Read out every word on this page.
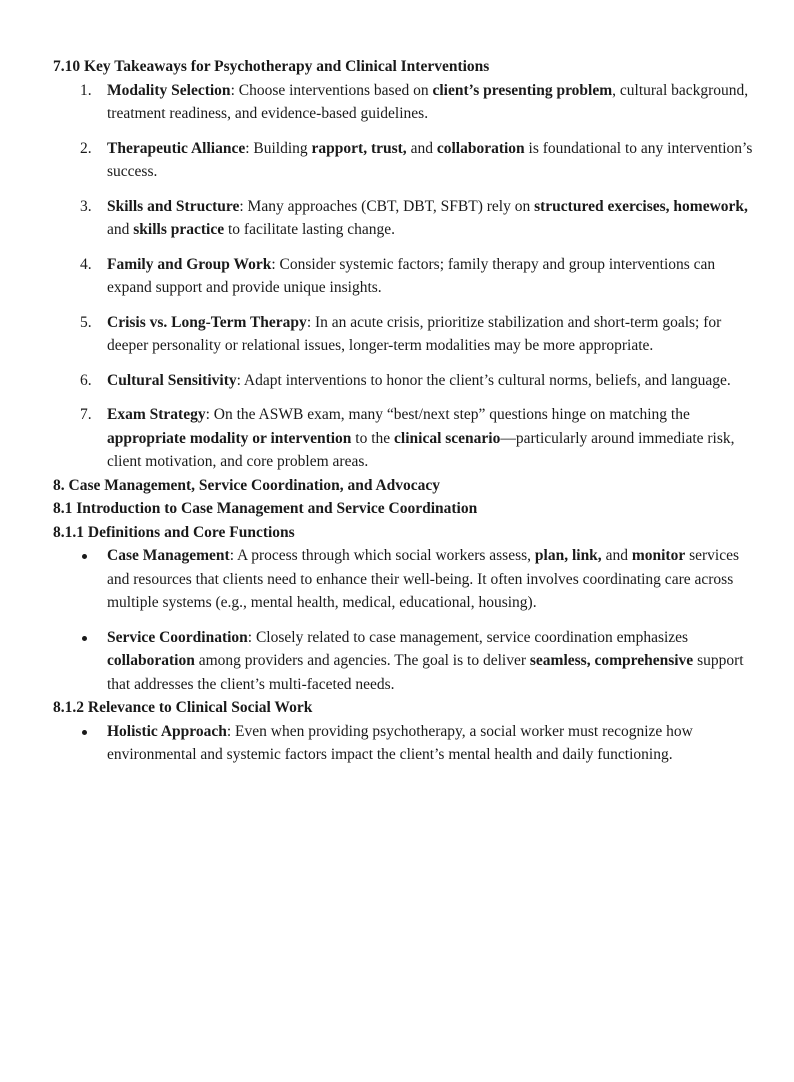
7.10 Key Takeaways for Psychotherapy and Clinical Interventions
1. Modality Selection: Choose interventions based on client’s presenting problem, cultural background, treatment readiness, and evidence-based guidelines.
2. Therapeutic Alliance: Building rapport, trust, and collaboration is foundational to any intervention’s success.
3. Skills and Structure: Many approaches (CBT, DBT, SFBT) rely on structured exercises, homework, and skills practice to facilitate lasting change.
4. Family and Group Work: Consider systemic factors; family therapy and group interventions can expand support and provide unique insights.
5. Crisis vs. Long-Term Therapy: In an acute crisis, prioritize stabilization and short-term goals; for deeper personality or relational issues, longer-term modalities may be more appropriate.
6. Cultural Sensitivity: Adapt interventions to honor the client’s cultural norms, beliefs, and language.
7. Exam Strategy: On the ASWB exam, many “best/next step” questions hinge on matching the appropriate modality or intervention to the clinical scenario—particularly around immediate risk, client motivation, and core problem areas.
8. Case Management, Service Coordination, and Advocacy
8.1 Introduction to Case Management and Service Coordination
8.1.1 Definitions and Core Functions
Case Management: A process through which social workers assess, plan, link, and monitor services and resources that clients need to enhance their well-being. It often involves coordinating care across multiple systems (e.g., mental health, medical, educational, housing).
Service Coordination: Closely related to case management, service coordination emphasizes collaboration among providers and agencies. The goal is to deliver seamless, comprehensive support that addresses the client’s multi-faceted needs.
8.1.2 Relevance to Clinical Social Work
Holistic Approach: Even when providing psychotherapy, a social worker must recognize how environmental and systemic factors impact the client’s mental health and daily functioning.
